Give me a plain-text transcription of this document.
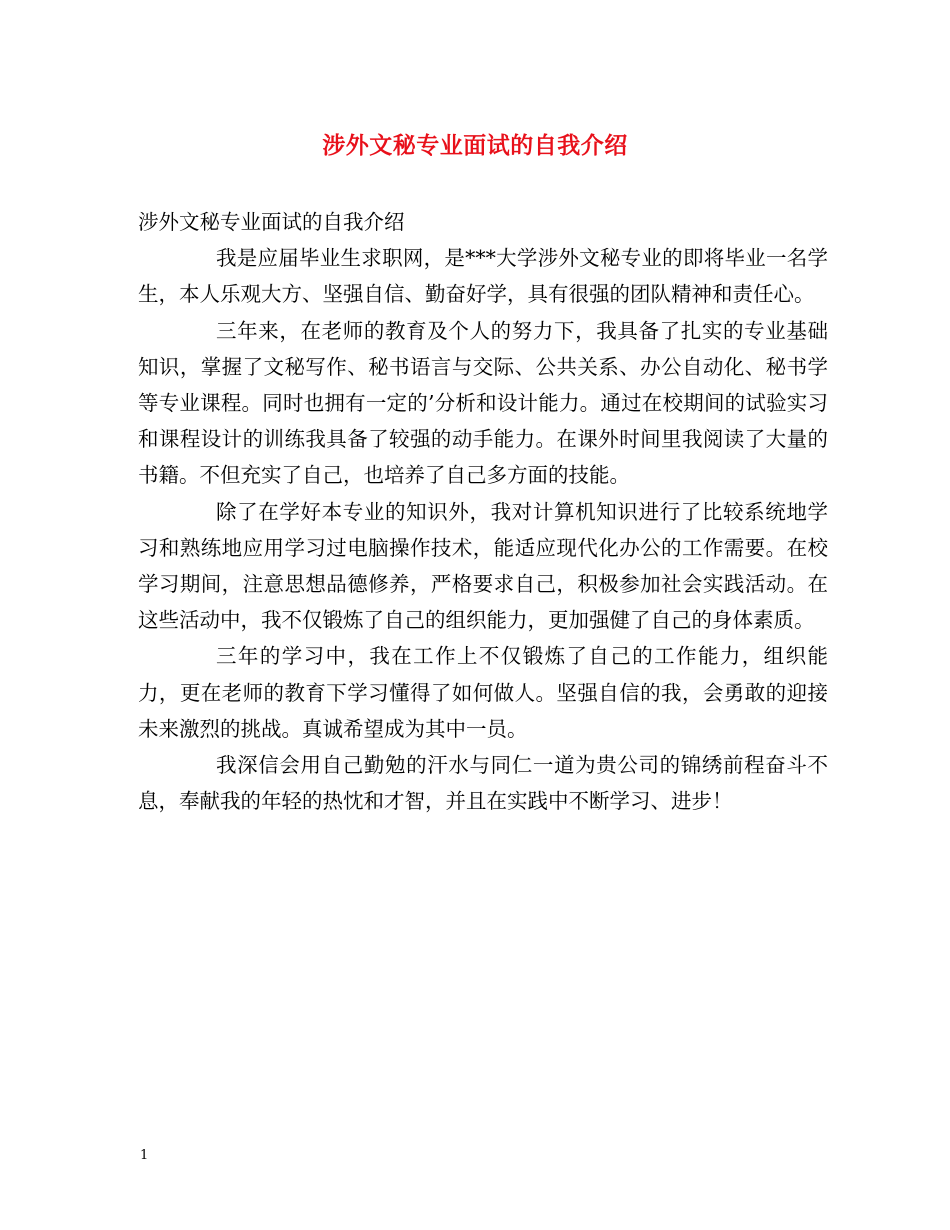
涉外文秘专业面试的自我介绍

涉外文秘专业面试的自我介绍

我是应届毕业生求职网，是***大学涉外文秘专业的即将毕业一名学生，本人乐观大方、坚强自信、勤奋好学，具有很强的团队精神和责任心。

三年来，在老师的教育及个人的努力下，我具备了扎实的专业基础知识，掌握了文秘写作、秘书语言与交际、公共关系、办公自动化、秘书学等专业课程。同时也拥有一定的’分析和设计能力。通过在校期间的试验实习和课程设计的训练我具备了较强的动手能力。在课外时间里我阅读了大量的书籍。不但充实了自己，也培养了自己多方面的技能。

除了在学好本专业的知识外，我对计算机知识进行了比较系统地学习和熟练地应用学习过电脑操作技术，能适应现代化办公的工作需要。在校学习期间，注意思想品德修养，严格要求自己，积极参加社会实践活动。在这些活动中，我不仅锻炼了自己的组织能力，更加强健了自己的身体素质。

三年的学习中，我在工作上不仅锻炼了自己的工作能力，组织能力，更在老师的教育下学习懂得了如何做人。坚强自信的我，会勇敢的迎接未来激烈的挑战。真诚希望成为其中一员。

我深信会用自己勤勉的汗水与同仁一道为贵公司的锦绣前程奋斗不息，奉献我的年轻的热忱和才智，并且在实践中不断学习、进步！

1
